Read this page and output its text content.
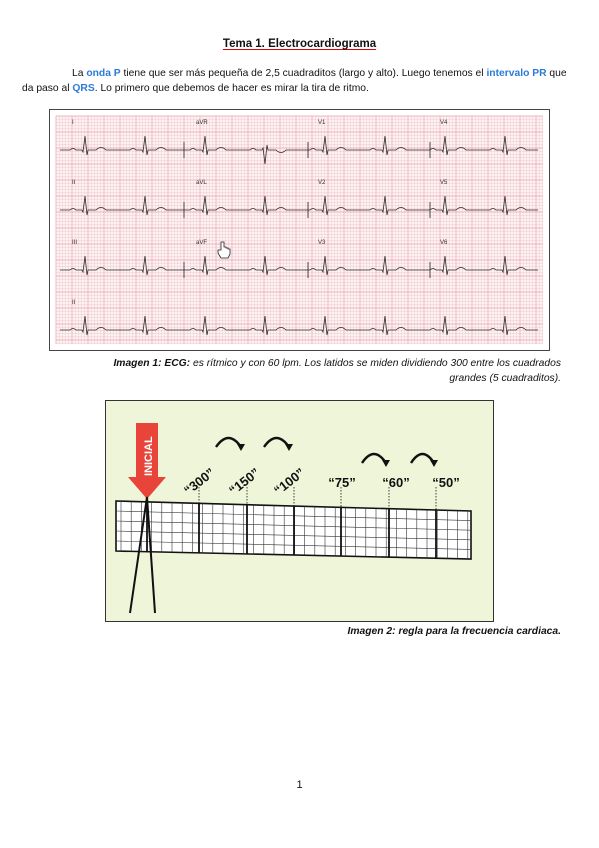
Tema 1. Electrocardiograma
La onda P tiene que ser más pequeña de 2,5 cuadraditos (largo y alto). Luego tenemos el intervalo PR que da paso al QRS. Lo primero que debemos de hacer es mirar la tira de ritmo.
I	aVR	V1	V4
II	aVL	V2	V5
III	aVF	V3	V6
II
Imagen 1: ECG: es rítmico y con 60 lpm. Los latidos se miden dividiendo 300 entre los cuadrados grandes (5 cuadraditos).
INICIAL
“300” “150” “100” “75” “60” “50”
Imagen 2: regla para la frecuencia cardiaca.
1
